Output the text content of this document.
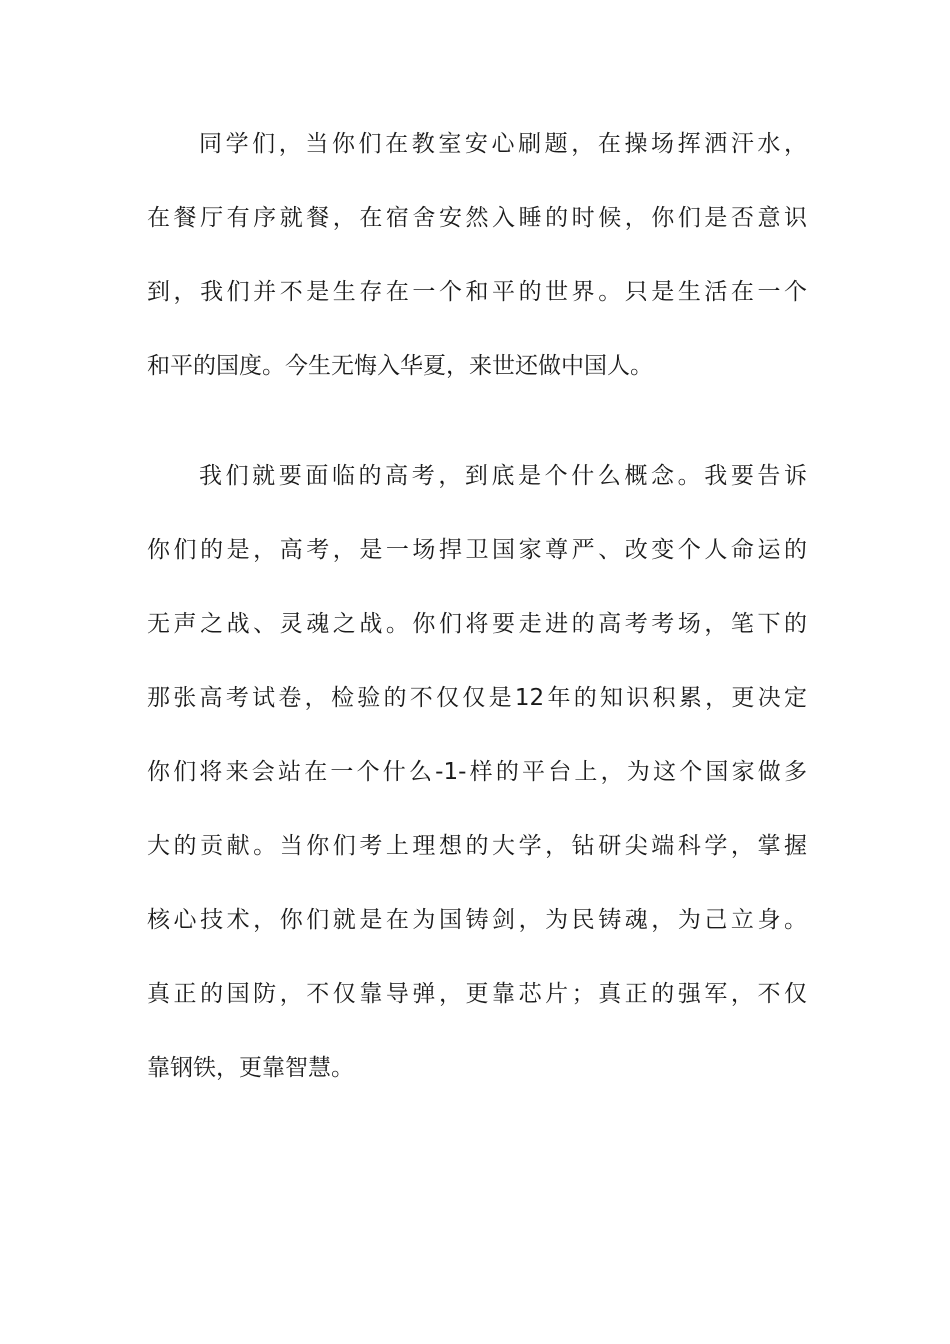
同学们，当你们在教室安心刷题，在操场挥洒汗水，
在餐厅有序就餐，在宿舍安然入睡的时候，你们是否意识
到，我们并不是生存在一个和平的世界。只是生活在一个
和平的国度。今生无悔入华夏，来世还做中国人。
我们就要面临的高考，到底是个什么概念。我要告诉
你们的是，高考，是一场捍卫国家尊严、改变个人命运的
无声之战、灵魂之战。你们将要走进的高考考场，笔下的
那张高考试卷，检验的不仅仅是12年的知识积累，更决定
你们将来会站在一个什么-1-样的平台上，为这个国家做多
大的贡献。当你们考上理想的大学，钻研尖端科学，掌握
核心技术，你们就是在为国铸剑，为民铸魂，为己立身。
真正的国防，不仅靠导弹，更靠芯片；真正的强军，不仅
靠钢铁，更靠智慧。
